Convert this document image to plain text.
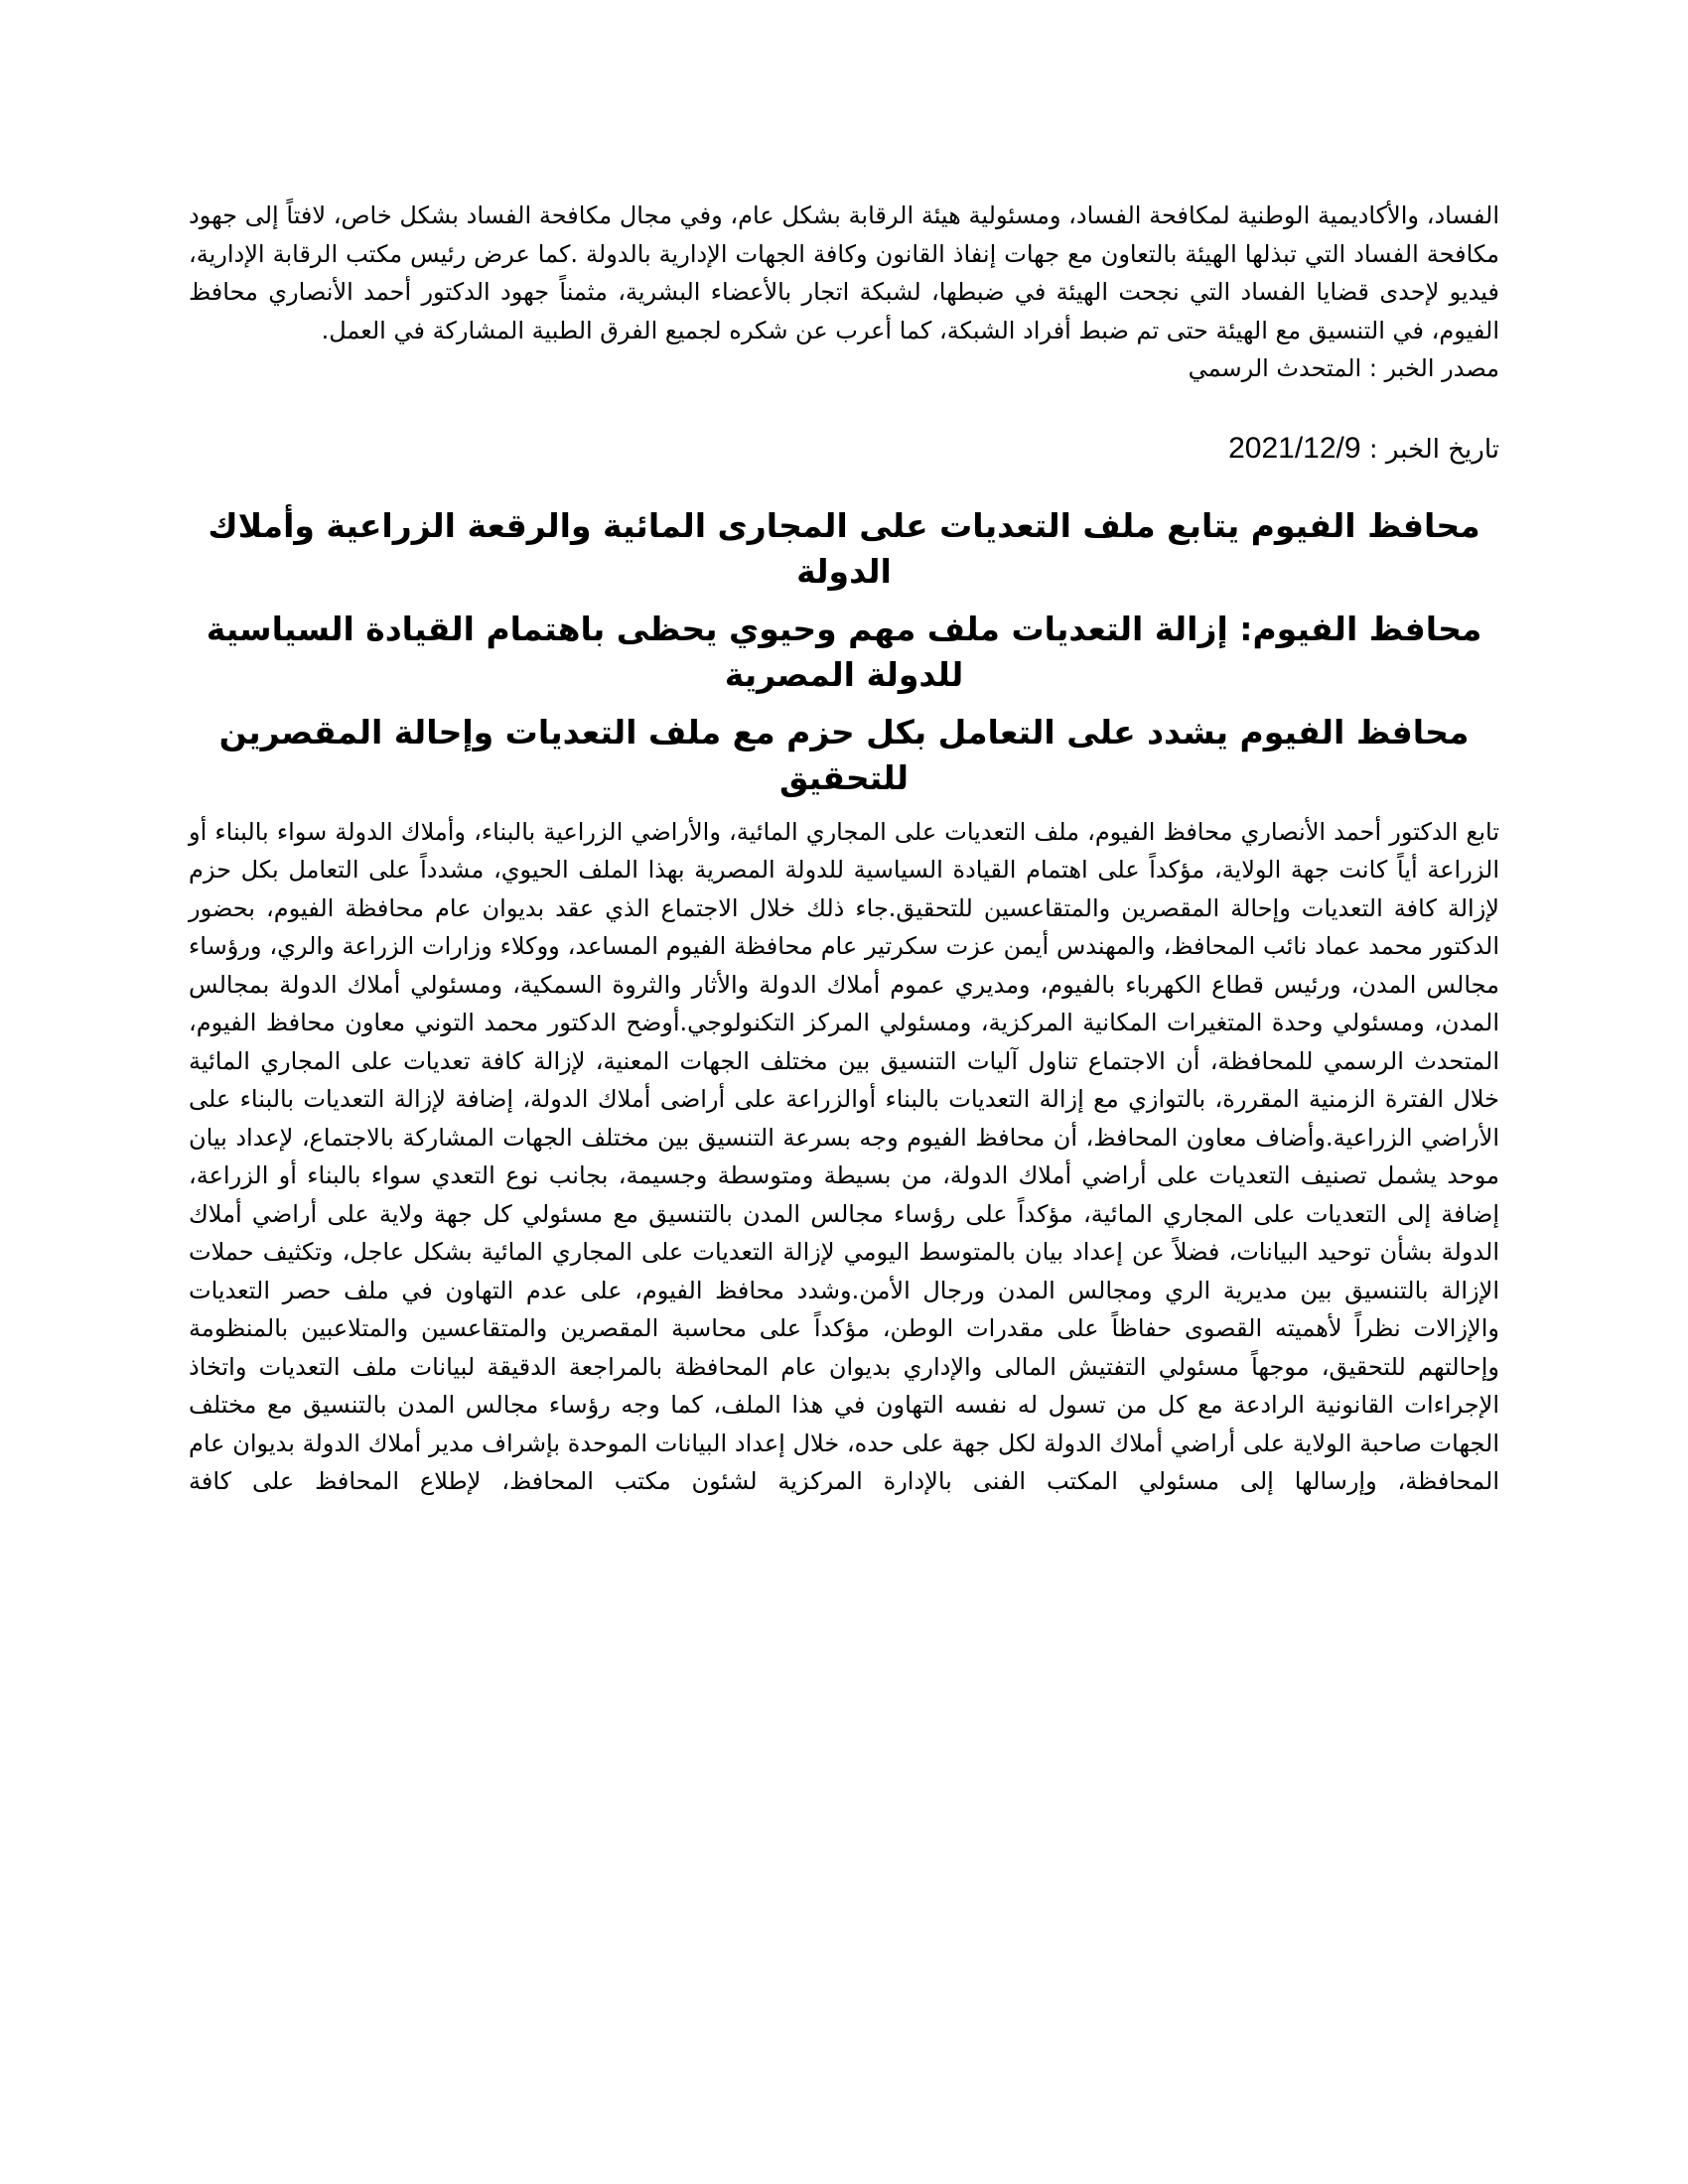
الفساد، والأكاديمية الوطنية لمكافحة الفساد، ومسئولية هيئة الرقابة بشكل عام، وفي مجال مكافحة الفساد بشكل خاص، لافتاً إلى جهود مكافحة الفساد التي تبذلها الهيئة بالتعاون مع جهات إنفاذ القانون وكافة الجهات الإدارية بالدولة .كما عرض رئيس مكتب الرقابة الإدارية، فيديو لإحدى قضايا الفساد التي نجحت الهيئة في ضبطها، لشبكة اتجار بالأعضاء البشرية، مثمناً جهود الدكتور أحمد الأنصاري محافظ الفيوم، في التنسيق مع الهيئة حتى تم ضبط أفراد الشبكة، كما أعرب عن شكره لجميع الفرق الطبية المشاركة في العمل.

مصدر الخبر : المتحدث الرسمي

تاريخ الخبر : 2021/12/9

محافظ الفيوم يتابع ملف التعديات على المجارى المائية والرقعة الزراعية وأملاك الدولة
محافظ الفيوم: إزالة التعديات ملف مهم وحيوي يحظى باهتمام القيادة السياسية للدولة المصرية
محافظ الفيوم يشدد على التعامل بكل حزم مع ملف التعديات وإحالة المقصرين للتحقيق

تابع الدكتور أحمد الأنصاري محافظ الفيوم، ملف التعديات على المجاري المائية، والأراضي الزراعية بالبناء، وأملاك الدولة سواء بالبناء أو الزراعة أياً كانت جهة الولاية، مؤكداً على اهتمام القيادة السياسية للدولة المصرية بهذا الملف الحيوي، مشدداً على التعامل بكل حزم لإزالة كافة التعديات وإحالة المقصرين والمتقاعسين للتحقيق.جاء ذلك خلال الاجتماع الذي عقد بديوان عام محافظة الفيوم، بحضور الدكتور محمد عماد نائب المحافظ، والمهندس أيمن عزت سكرتير عام محافظة الفيوم المساعد، ووكلاء وزارات الزراعة والري، ورؤساء مجالس المدن، ورئيس قطاع الكهرباء بالفيوم، ومديري عموم أملاك الدولة والأثار والثروة السمكية، ومسئولي أملاك الدولة بمجالس المدن، ومسئولي وحدة المتغيرات المكانية المركزية، ومسئولي المركز التكنولوجي.أوضح الدكتور محمد التوني معاون محافظ الفيوم، المتحدث الرسمي للمحافظة، أن الاجتماع تناول آليات التنسيق بين مختلف الجهات المعنية، لإزالة كافة تعديات على المجاري المائية خلال الفترة الزمنية المقررة، بالتوازي مع إزالة التعديات بالبناء أوالزراعة على أراضى أملاك الدولة، إضافة لإزالة التعديات بالبناء على الأراضي الزراعية.وأضاف معاون المحافظ، أن محافظ الفيوم وجه بسرعة التنسيق بين مختلف الجهات المشاركة بالاجتماع، لإعداد بيان موحد يشمل تصنيف التعديات على أراضي أملاك الدولة، من بسيطة ومتوسطة وجسيمة، بجانب نوع التعدي سواء بالبناء أو الزراعة، إضافة إلى التعديات على المجاري المائية، مؤكداً على رؤساء مجالس المدن بالتنسيق مع مسئولي كل جهة ولاية على أراضي أملاك الدولة بشأن توحيد البيانات، فضلاً عن إعداد بيان بالمتوسط اليومي لإزالة التعديات على المجاري المائية بشكل عاجل، وتكثيف حملات الإزالة بالتنسيق بين مديرية الري ومجالس المدن ورجال الأمن.وشدد محافظ الفيوم، على عدم التهاون في ملف حصر التعديات والإزالات نظراً لأهميته القصوى حفاظاً على مقدرات الوطن، مؤكداً على محاسبة المقصرين والمتقاعسين والمتلاعبين بالمنظومة وإحالتهم للتحقيق، موجهاً مسئولي التفتيش المالى والإداري بديوان عام المحافظة بالمراجعة الدقيقة لبيانات ملف التعديات واتخاذ الإجراءات القانونية الرادعة مع كل من تسول له نفسه التهاون في هذا الملف، كما وجه رؤساء مجالس المدن بالتنسيق مع مختلف الجهات صاحبة الولاية على أراضي أملاك الدولة لكل جهة على حده، خلال إعداد البيانات الموحدة بإشراف مدير أملاك الدولة بديوان عام المحافظة، وإرسالها إلى مسئولي المكتب الفنى بالإدارة المركزية لشئون مكتب المحافظ، لإطلاع المحافظ على كافة
